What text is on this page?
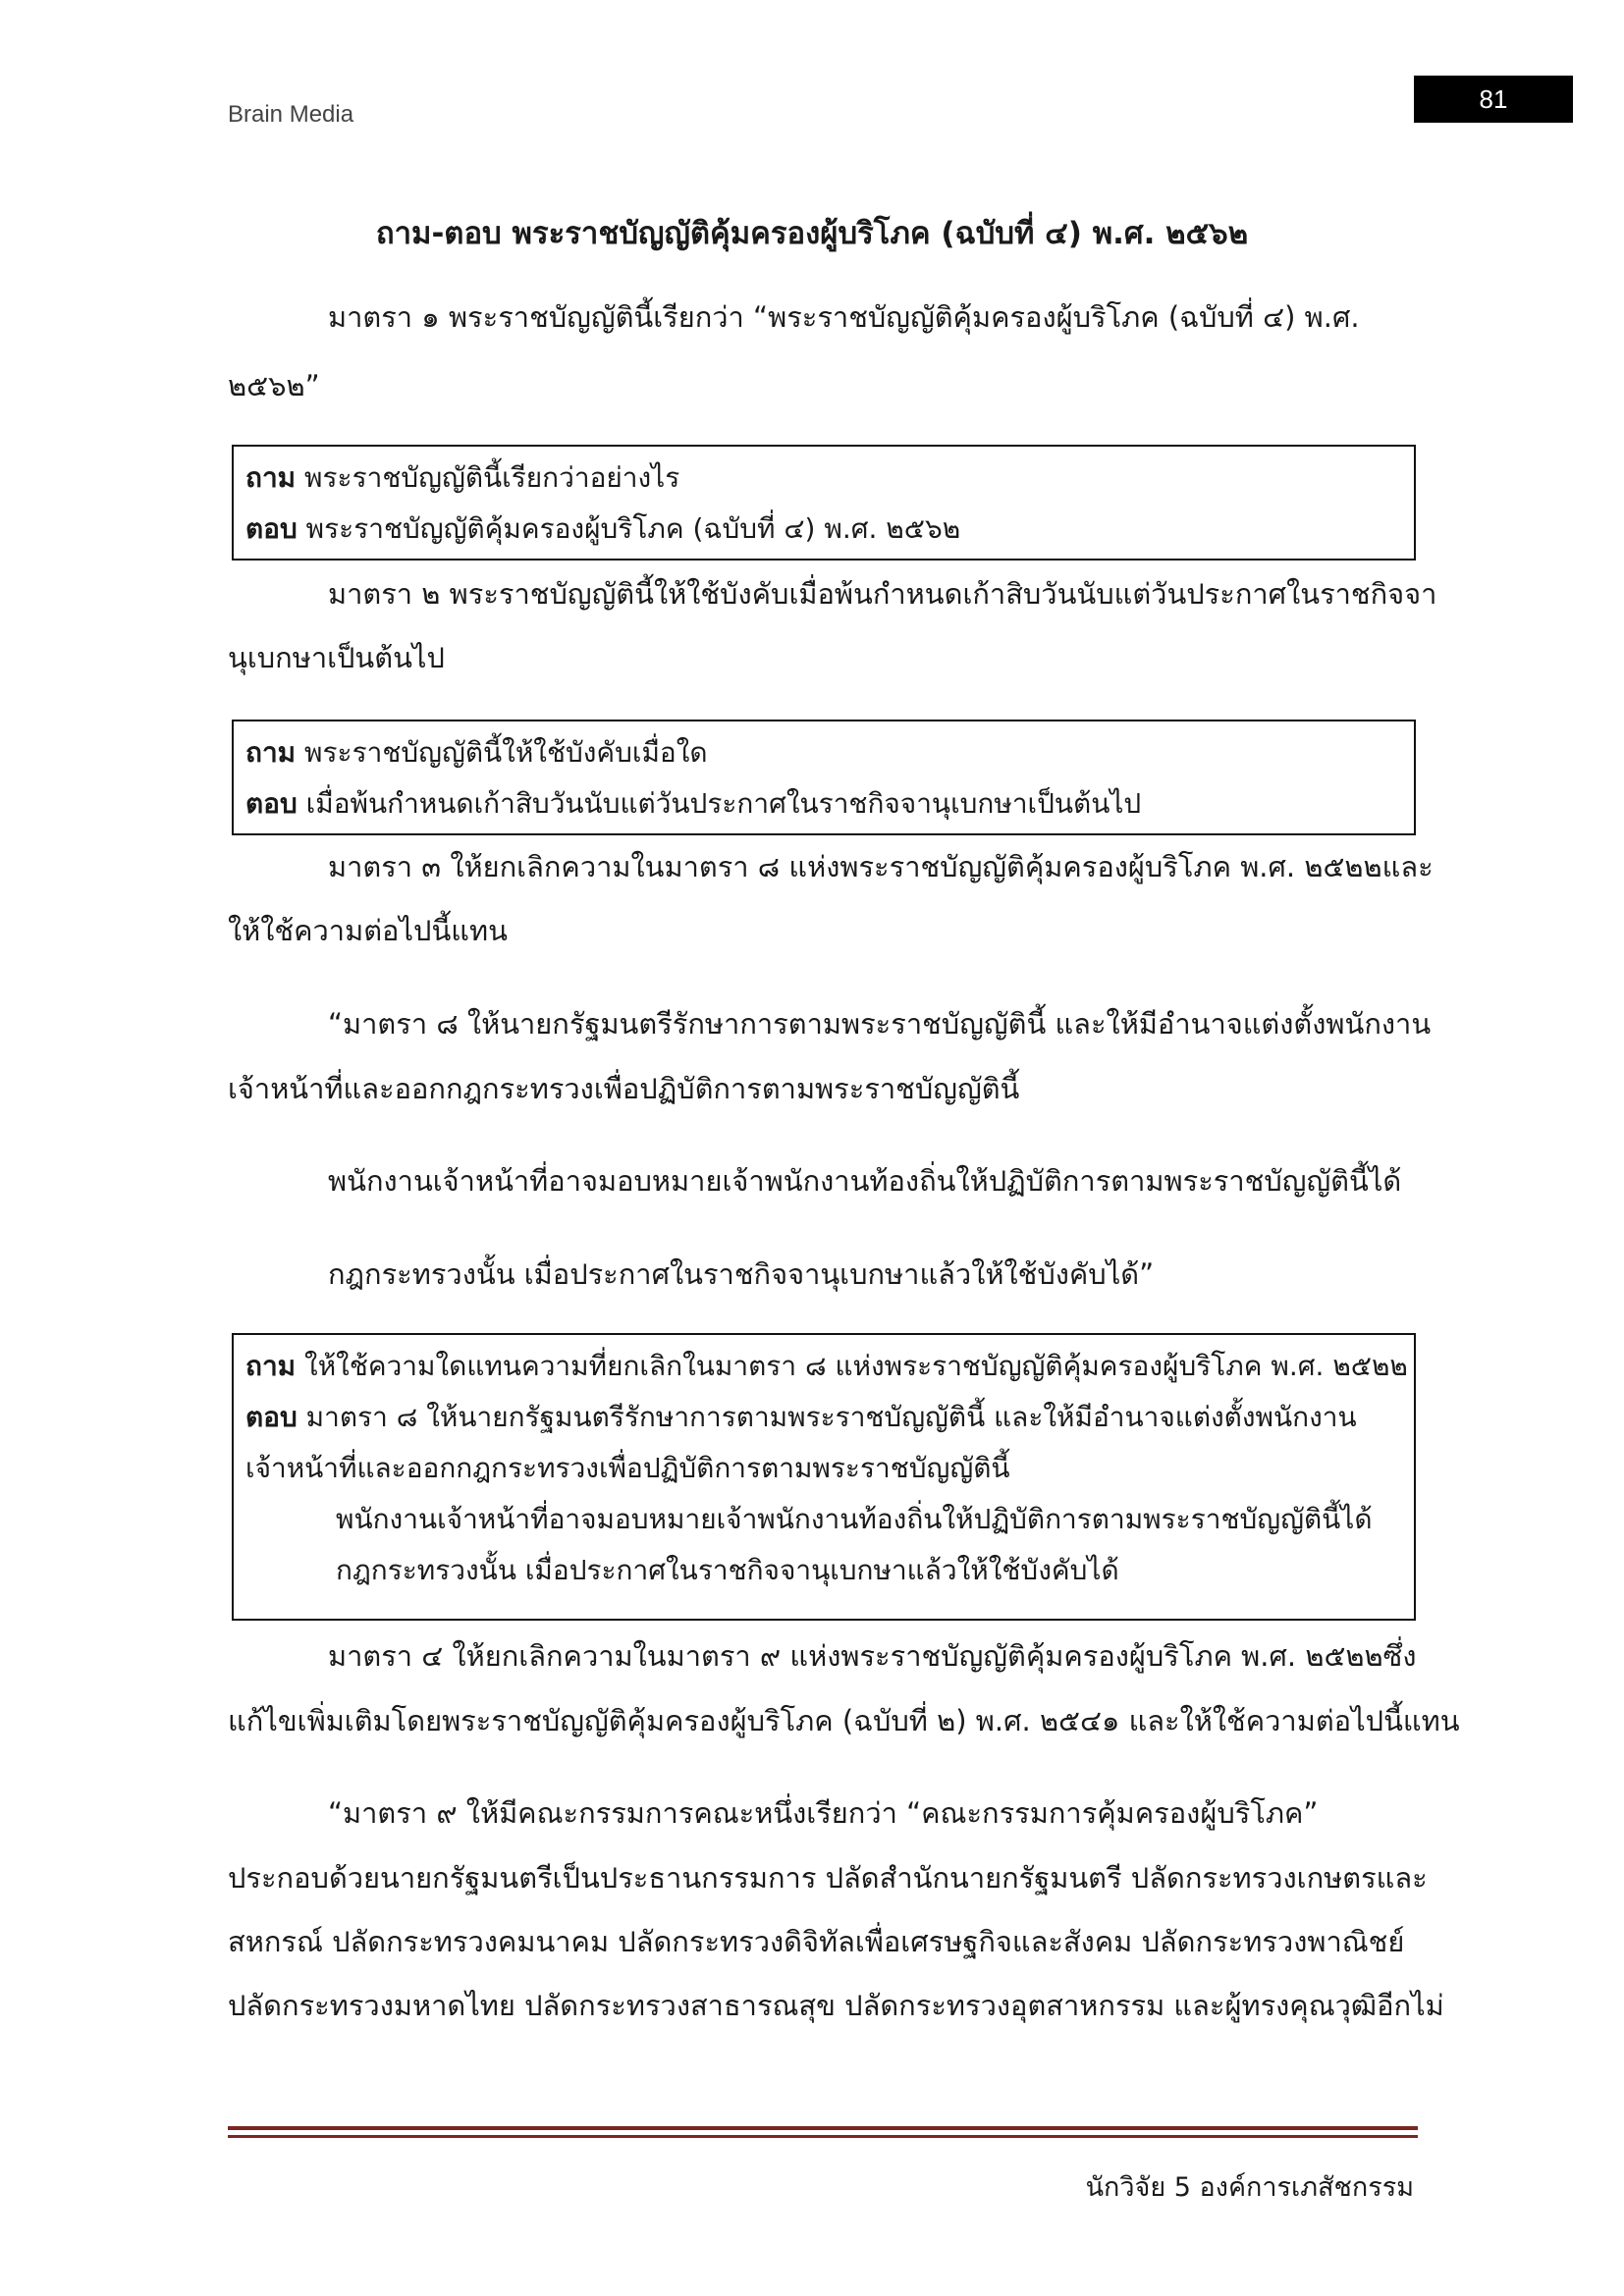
Brain Media
81
ถาม-ตอบ พระราชบัญญัติคุ้มครองผู้บริโภค (ฉบับที่ ๔) พ.ศ. ๒๕๖๒
มาตรา ๑ พระราชบัญญัตินี้เรียกว่า “พระราชบัญญัติคุ้มครองผู้บริโภค (ฉบับที่ ๔) พ.ศ.
๒๕๖๒”
ถาม พระราชบัญญัตินี้เรียกว่าอย่างไร
ตอบ พระราชบัญญัติคุ้มครองผู้บริโภค (ฉบับที่ ๔) พ.ศ. ๒๕๖๒
มาตรา ๒ พระราชบัญญัตินี้ให้ใช้บังคับเมื่อพ้นกำหนดเก้าสิบวันนับแต่วันประกาศในราชกิจจา
นุเบกษาเป็นต้นไป
ถาม พระราชบัญญัตินี้ให้ใช้บังคับเมื่อใด
ตอบ เมื่อพ้นกำหนดเก้าสิบวันนับแต่วันประกาศในราชกิจจานุเบกษาเป็นต้นไป
มาตรา ๓ ให้ยกเลิกความในมาตรา ๘ แห่งพระราชบัญญัติคุ้มครองผู้บริโภค พ.ศ. ๒๕๒๒และ
ให้ใช้ความต่อไปนี้แทน
“มาตรา ๘ ให้นายกรัฐมนตรีรักษาการตามพระราชบัญญัตินี้ และให้มีอำนาจแต่งตั้งพนักงาน
เจ้าหน้าที่และออกกฎกระทรวงเพื่อปฏิบัติการตามพระราชบัญญัตินี้
พนักงานเจ้าหน้าที่อาจมอบหมายเจ้าพนักงานท้องถิ่นให้ปฏิบัติการตามพระราชบัญญัตินี้ได้
กฎกระทรวงนั้น เมื่อประกาศในราชกิจจานุเบกษาแล้วให้ใช้บังคับได้”
ถาม ให้ใช้ความใดแทนความที่ยกเลิกในมาตรา ๘ แห่งพระราชบัญญัติคุ้มครองผู้บริโภค พ.ศ. ๒๕๒๒
ตอบ มาตรา ๘ ให้นายกรัฐมนตรีรักษาการตามพระราชบัญญัตินี้ และให้มีอำนาจแต่งตั้งพนักงาน
เจ้าหน้าที่และออกกฎกระทรวงเพื่อปฏิบัติการตามพระราชบัญญัตินี้
พนักงานเจ้าหน้าที่อาจมอบหมายเจ้าพนักงานท้องถิ่นให้ปฏิบัติการตามพระราชบัญญัตินี้ได้
กฎกระทรวงนั้น เมื่อประกาศในราชกิจจานุเบกษาแล้วให้ใช้บังคับได้
มาตรา ๔ ให้ยกเลิกความในมาตรา ๙ แห่งพระราชบัญญัติคุ้มครองผู้บริโภค พ.ศ. ๒๕๒๒ซึ่ง
แก้ไขเพิ่มเติมโดยพระราชบัญญัติคุ้มครองผู้บริโภค (ฉบับที่ ๒) พ.ศ. ๒๕๔๑ และให้ใช้ความต่อไปนี้แทน
“มาตรา ๙ ให้มีคณะกรรมการคณะหนึ่งเรียกว่า “คณะกรรมการคุ้มครองผู้บริโภค”
ประกอบด้วยนายกรัฐมนตรีเป็นประธานกรรมการ ปลัดสำนักนายกรัฐมนตรี ปลัดกระทรวงเกษตรและ
สหกรณ์ ปลัดกระทรวงคมนาคม ปลัดกระทรวงดิจิทัลเพื่อเศรษฐกิจและสังคม ปลัดกระทรวงพาณิชย์
ปลัดกระทรวงมหาดไทย ปลัดกระทรวงสาธารณสุข ปลัดกระทรวงอุตสาหกรรม และผู้ทรงคุณวุฒิอีกไม่
นักวิจัย 5 องค์การเภสัชกรรม
